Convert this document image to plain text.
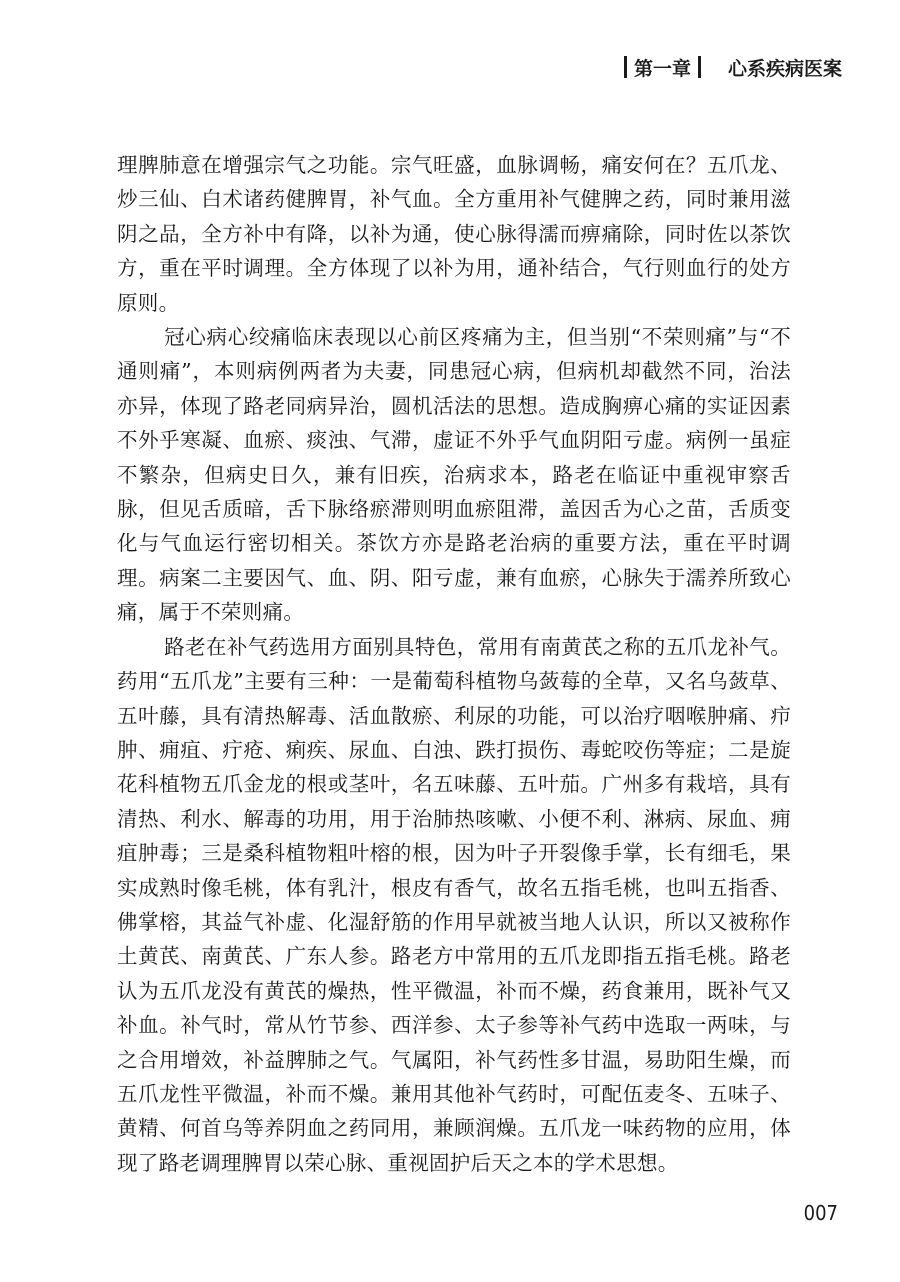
第一章 心系疾病医案

理脾肺意在增强宗气之功能。宗气旺盛，血脉调畅，痛安何在？五爪龙、炒三仙、白术诸药健脾胃，补气血。全方重用补气健脾之药，同时兼用滋阴之品，全方补中有降，以补为通，使心脉得濡而痹痛除，同时佐以茶饮方，重在平时调理。全方体现了以补为用，通补结合，气行则血行的处方原则。

冠心病心绞痛临床表现以心前区疼痛为主，但当别“不荣则痛”与“不通则痛”，本则病例两者为夫妻，同患冠心病，但病机却截然不同，治法亦异，体现了路老同病异治，圆机活法的思想。造成胸痹心痛的实证因素不外乎寒凝、血瘀、痰浊、气滞，虚证不外乎气血阴阳亏虚。病例一虽症不繁杂，但病史日久，兼有旧疾，治病求本，路老在临证中重视审察舌脉，但见舌质暗，舌下脉络瘀滞则明血瘀阻滞，盖因舌为心之苗，舌质变化与气血运行密切相关。茶饮方亦是路老治病的重要方法，重在平时调理。病案二主要因气、血、阴、阳亏虚，兼有血瘀，心脉失于濡养所致心痛，属于不荣则痛。

路老在补气药选用方面别具特色，常用有南黄芪之称的五爪龙补气。药用“五爪龙”主要有三种：一是葡萄科植物乌蔹莓的全草，又名乌蔹草、五叶藤，具有清热解毒、活血散瘀、利尿的功能，可以治疗咽喉肿痛、疖肿、痈疽、疔疮、痢疾、尿血、白浊、跌打损伤、毒蛇咬伤等症；二是旋花科植物五爪金龙的根或茎叶，名五味藤、五叶茄。广州多有栽培，具有清热、利水、解毒的功用，用于治肺热咳嗽、小便不利、淋病、尿血、痈疽肿毒；三是桑科植物粗叶榕的根，因为叶子开裂像手掌，长有细毛，果实成熟时像毛桃，体有乳汁，根皮有香气，故名五指毛桃，也叫五指香、佛掌榕，其益气补虚、化湿舒筋的作用早就被当地人认识，所以又被称作土黄芪、南黄芪、广东人参。路老方中常用的五爪龙即指五指毛桃。路老认为五爪龙没有黄芪的燥热，性平微温，补而不燥，药食兼用，既补气又补血。补气时，常从竹节参、西洋参、太子参等补气药中选取一两味，与之合用增效，补益脾肺之气。气属阳，补气药性多甘温，易助阳生燥，而五爪龙性平微温，补而不燥。兼用其他补气药时，可配伍麦冬、五味子、黄精、何首乌等养阴血之药同用，兼顾润燥。五爪龙一味药物的应用，体现了路老调理脾胃以荣心脉、重视固护后天之本的学术思想。

007
